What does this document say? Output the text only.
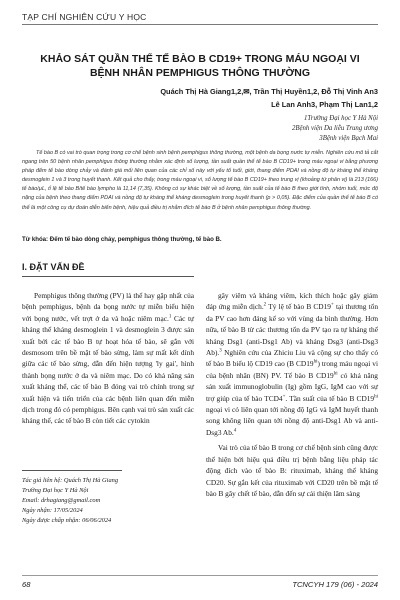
TẠP CHÍ NGHIÊN CỨU Y HỌC
KHẢO SÁT QUẦN THỂ TẾ BÀO B CD19+ TRONG MÁU NGOẠI VI
BỆNH NHÂN PEMPHIGUS THÔNG THƯỜNG
Quách Thị Hà Giang1,2,✉, Trần Thị Huyền1,2, Đỗ Thị Vinh An3
Lê Lan Anh3, Phạm Thị Lan1,2
1Trường Đại học Y Hà Nội
2Bệnh viện Da liễu Trung ương
3Bệnh viện Bạch Mai
Tế bào B có vai trò quan trọng trong cơ chế bệnh sinh bệnh pemphigus thông thường, một bệnh da bọng nước tự miễn. Nghiên cứu mô tả cắt ngang trên 50 bệnh nhân pemphigus thông thường nhằm xác định số lượng, tần suất quần thể tế bào B CD19+ trong máu ngoại vi bằng phương pháp đếm tế bào dòng chảy và đánh giá mối liên quan của các chỉ số này với yếu tố tuổi, giới, thang điểm PDAI và nồng độ tự kháng thể kháng desmoglein 1 và 3 trong huyết thanh. Kết quả cho thấy, trong máu ngoại vi, số lượng tế bào B CD19+ theo trung vị (khoảng tứ phân vị) là 213 (166) tế bào/µL, tỉ lệ tế bào B/tế bào lympho là 11,14 (7,35). Không có sự khác biệt về số lượng, tần suất của tế bào B theo giới tính, nhóm tuổi, mức độ nặng của bệnh theo thang điểm PDAI và nồng độ tự kháng thể kháng desmoglein trong huyết thanh (p > 0,05). Đặc điểm của quần thể tế bào B có thể là một công cụ dự đoán diễn biến bệnh, hiệu quả điều trị nhằm đích tế bào B ở bệnh nhân pemphigus thông thường.
Từ khóa: Đếm tế bào dòng chảy, pemphigus thông thường, tế bào B.
I. ĐẶT VẤN ĐỀ

Pemphigus thông thường (PV) là thể hay gặp nhất của bệnh pemphigus, bệnh da bọng nước tự miễn biểu hiện với bọng nước, vết trợt ở da và hoặc niêm mạc.$^1$ Các tự kháng thể kháng desmoglein 1 và desmoglein 3 được sản xuất bởi các tế bào B tự hoạt hóa tế bào, sẽ gắn với desmosom trên bề mặt tế bào sừng, làm sự mất kết dính giữa các tế bào sừng, dẫn đến hiện tượng 'ly gai', hình thành bọng nước ở da và niêm mạc. Do có khả năng sản xuất kháng thể, các tế bào B đóng vai trò chính trong sự xuất hiện và tiến triển của các bệnh liên quan đến miễn dịch trong đó có pemphigus. Bên cạnh vai trò sản xuất các kháng thể, các tế bào B còn tiết các cytokin

gây viêm và kháng viêm, kích thích hoặc gây giảm đáp ứng miễn dịch.$^2$ Tỷ lệ tế bào B CD19+ tại thương tổn da PV cao hơn đáng kể so với vùng da bình thường. Hơn nữa, tế bào B từ các thương tổn da PV tạo ra tự kháng thể kháng Dsg1 (anti-Dsg1 Ab) và kháng Dsg3 (anti-Dsg3 Ab).$^3$ Nghiên cứu của Zhiciu Liu và cộng sự cho thấy có tế bào B biểu lộ CD19 cao (B $CD19^{hi}$) trong máu ngoại vi của bệnh nhân (BN) PV. Tế bào B $CD19^{hi}$ có khả năng sản xuất immunoglobulin (Ig) gồm IgG, IgM cao với sự trợ giúp của tế bào TCD4+. Tần suất của tế bào B $CD19^{hi}$ ngoại vi có liên quan tới nồng độ IgG và IgM huyết thanh song không liên quan tới nồng độ anti-Dsg1 Ab và anti-Dsg3 Ab.$^4$

Vai trò của tế bào B trong cơ chế bệnh sinh cũng được thể hiện bởi hiệu quả điều trị bệnh bằng liệu pháp tác động đích vào tế bào B: rituximab, kháng thể kháng CD20. Sự gắn kết của rituximab với CD20 trên bề mặt tế bào B gây chết tế bào, dẫn đến sự cải thiện lâm sàng

Tác giả liên hệ: Quách Thị Hà Giang
Trường Đại học Y Hà Nội
Email: drhagiang@gmail.com
Ngày nhận: 17/05/2024
Ngày được chấp nhận: 06/06/2024
68	TCNCYH 179 (06) - 2024
